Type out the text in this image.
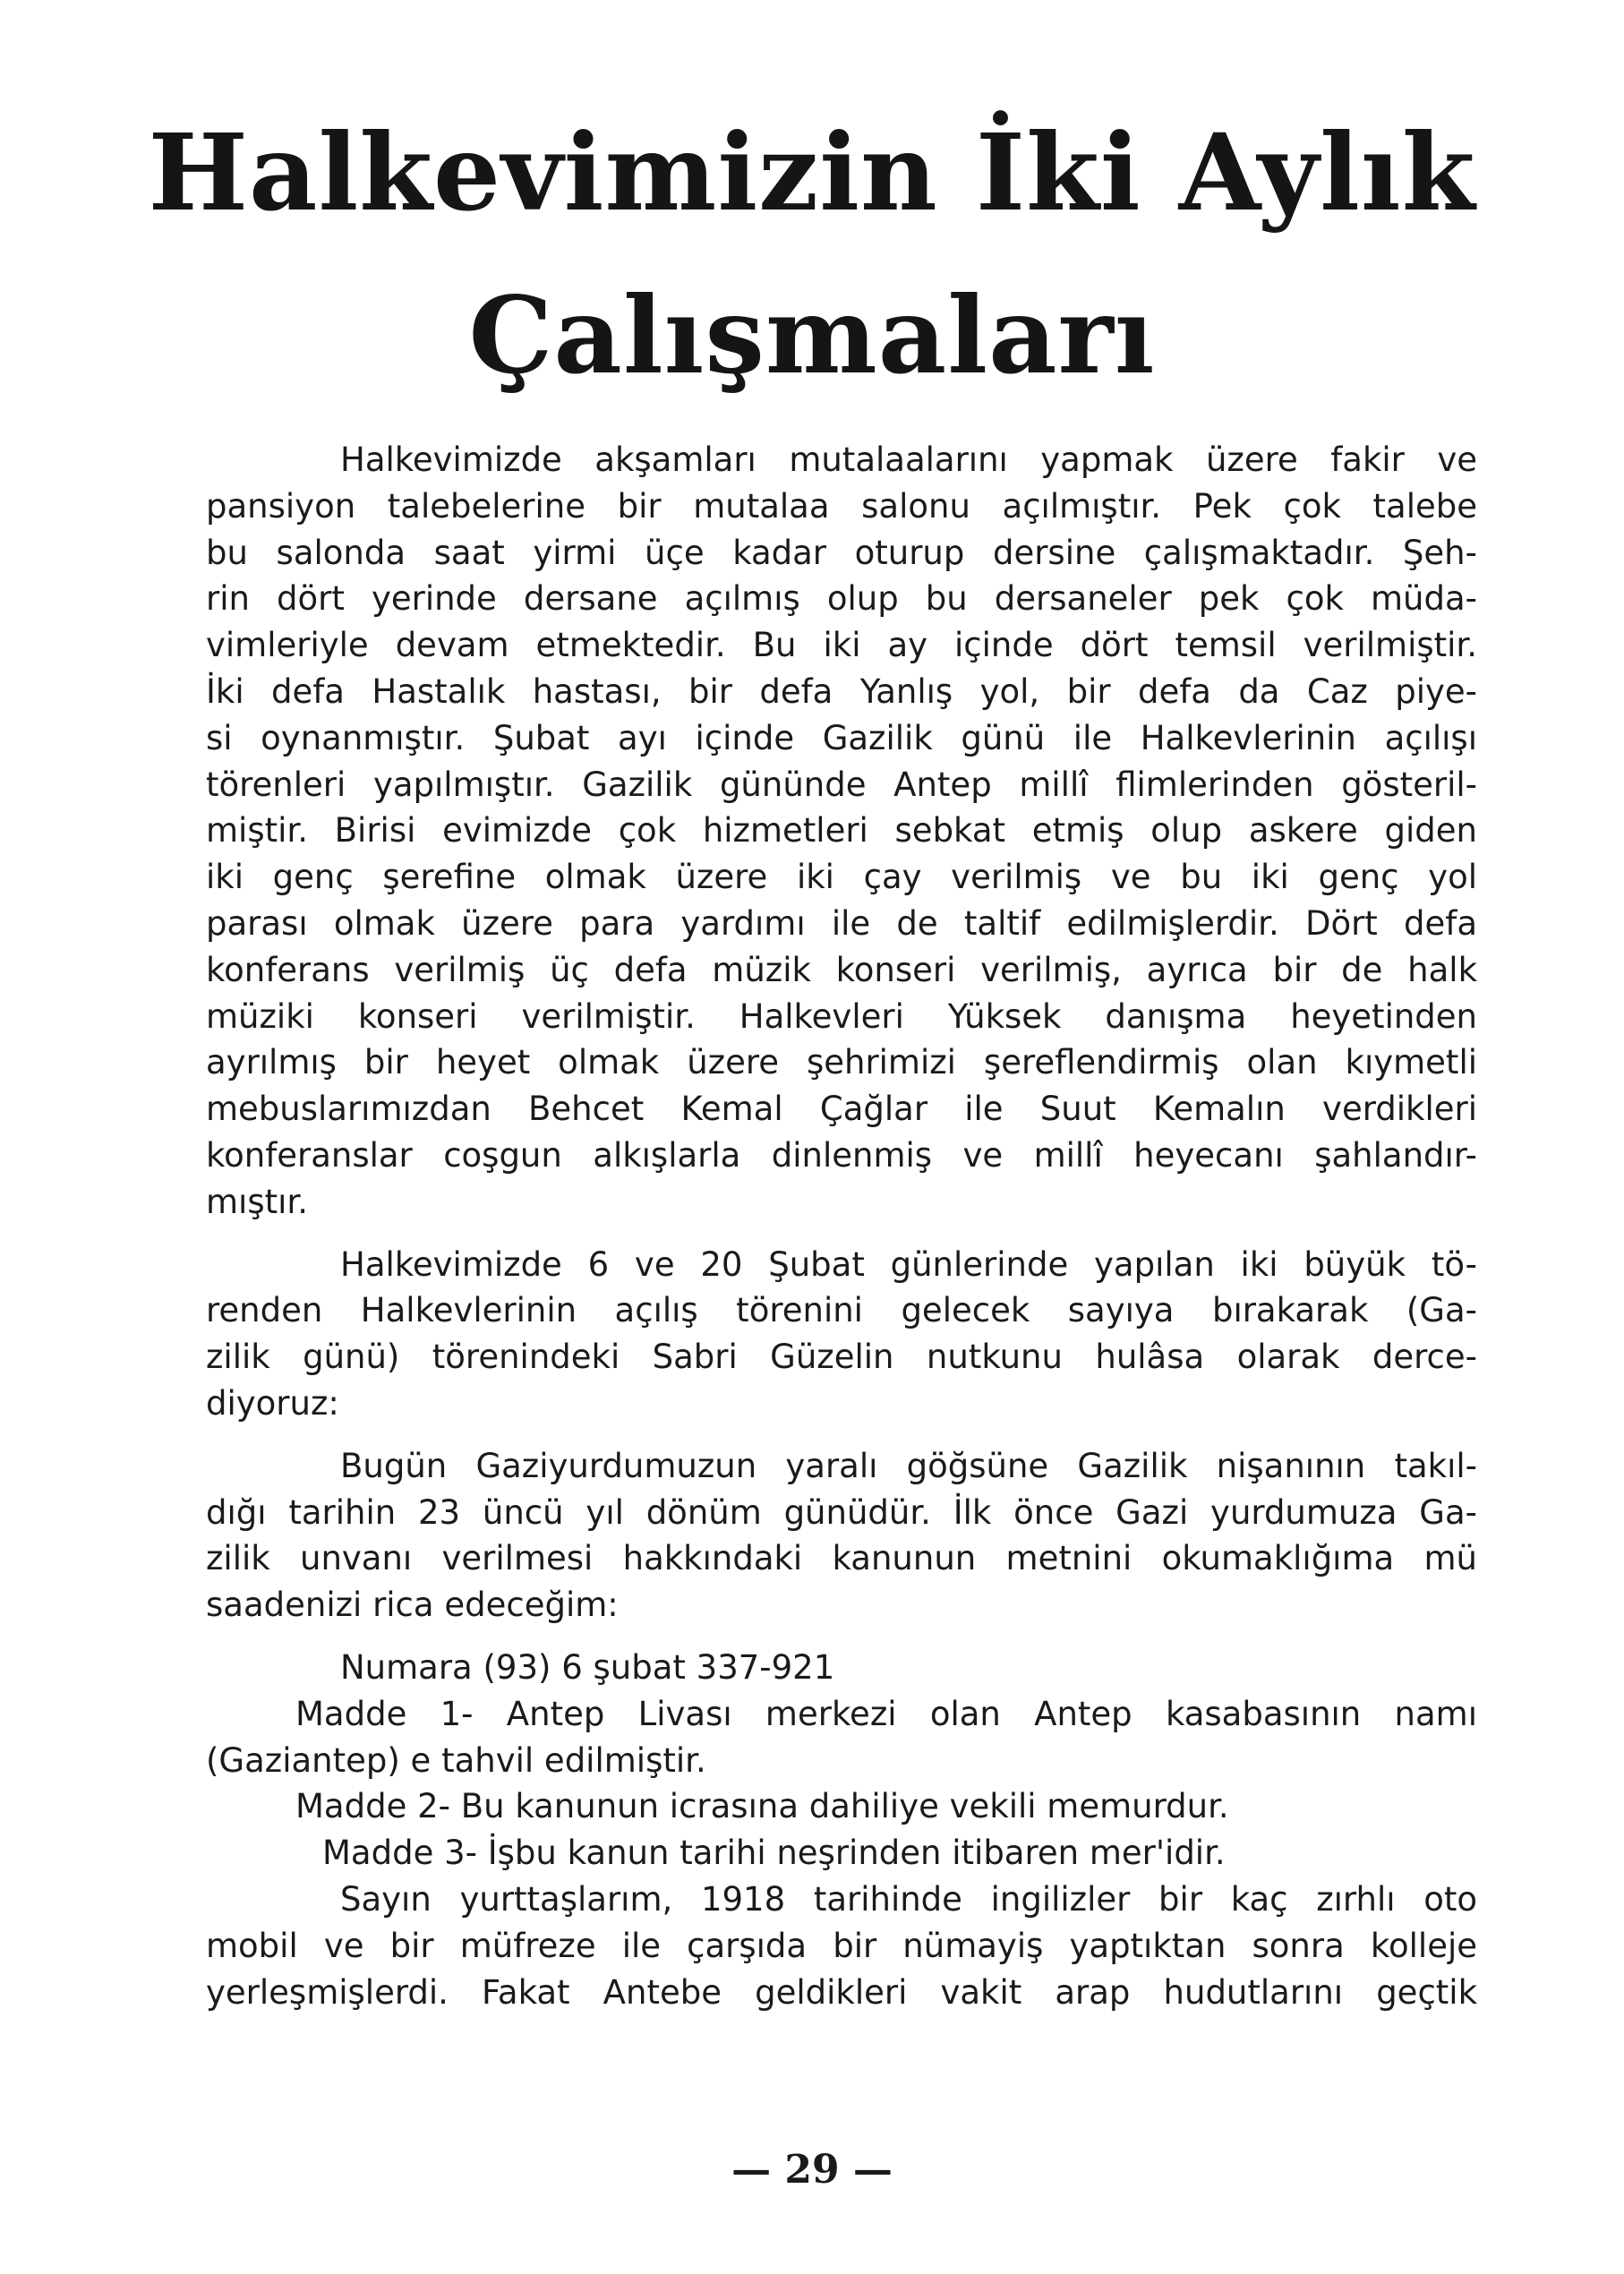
Halkevimizin İki Aylık
Çalışmaları
Halkevimizde akşamları mutalaalarını yapmak üzere fakir ve
pansiyon talebelerine bir mutalaa salonu açılmıştır. Pek çok talebe
bu salonda saat yirmi üçe kadar oturup dersine çalışmaktadır. Şeh-
rin dört yerinde dersane açılmış olup bu dersaneler pek çok müda-
vimleriyle devam etmektedir. Bu iki ay içinde dört temsil verilmiştir.
İki defa Hastalık hastası, bir defa Yanlış yol, bir defa da Caz piye-
si oynanmıştır. Şubat ayı içinde Gazilik günü ile Halkevlerinin açılışı
törenleri yapılmıştır. Gazilik gününde Antep millî flimlerinden gösteril-
miştir. Birisi evimizde çok hizmetleri sebkat etmiş olup askere giden
iki genç şerefine olmak üzere iki çay verilmiş ve bu iki genç yol
parası olmak üzere para yardımı ile de taltif edilmişlerdir. Dört defa
konferans verilmiş üç defa müzik konseri verilmiş, ayrıca bir de halk
müziki konseri verilmiştir. Halkevleri Yüksek danışma heyetinden
ayrılmış bir heyet olmak üzere şehrimizi şereflendirmiş olan kıymetli
mebuslarımızdan Behcet Kemal Çağlar ile Suut Kemalın verdikleri
konferanslar coşgun alkışlarla dinlenmiş ve millî heyecanı şahlandır-
mıştır.
Halkevimizde 6 ve 20 Şubat günlerinde yapılan iki büyük tö-
renden Halkevlerinin açılış törenini gelecek sayıya bırakarak (Ga-
zilik günü) törenindeki Sabri Güzelin nutkunu hulâsa olarak derce-
diyoruz:
Bugün Gaziyurdumuzun yaralı göğsüne Gazilik nişanının takıl-
dığı tarihin 23 üncü yıl dönüm günüdür. İlk önce Gazi yurdumuza Ga-
zilik unvanı verilmesi hakkındaki kanunun metnini okumaklığıma mü
saadenizi rica edeceğim:
Numara (93) 6 şubat 337-921
Madde 1- Antep Livası merkezi olan Antep kasabasının namı
(Gaziantep) e tahvil edilmiştir.
Madde 2- Bu kanunun icrasına dahiliye vekili memurdur.
Madde 3- İşbu kanun tarihi neşrinden itibaren mer'idir.
Sayın yurttaşlarım, 1918 tarihinde ingilizler bir kaç zırhlı oto
mobil ve bir müfreze ile çarşıda bir nümayiş yaptıktan sonra kolleje
yerleşmişlerdi. Fakat Antebe geldikleri vakit arap hudutlarını geçtik
— 29 —
